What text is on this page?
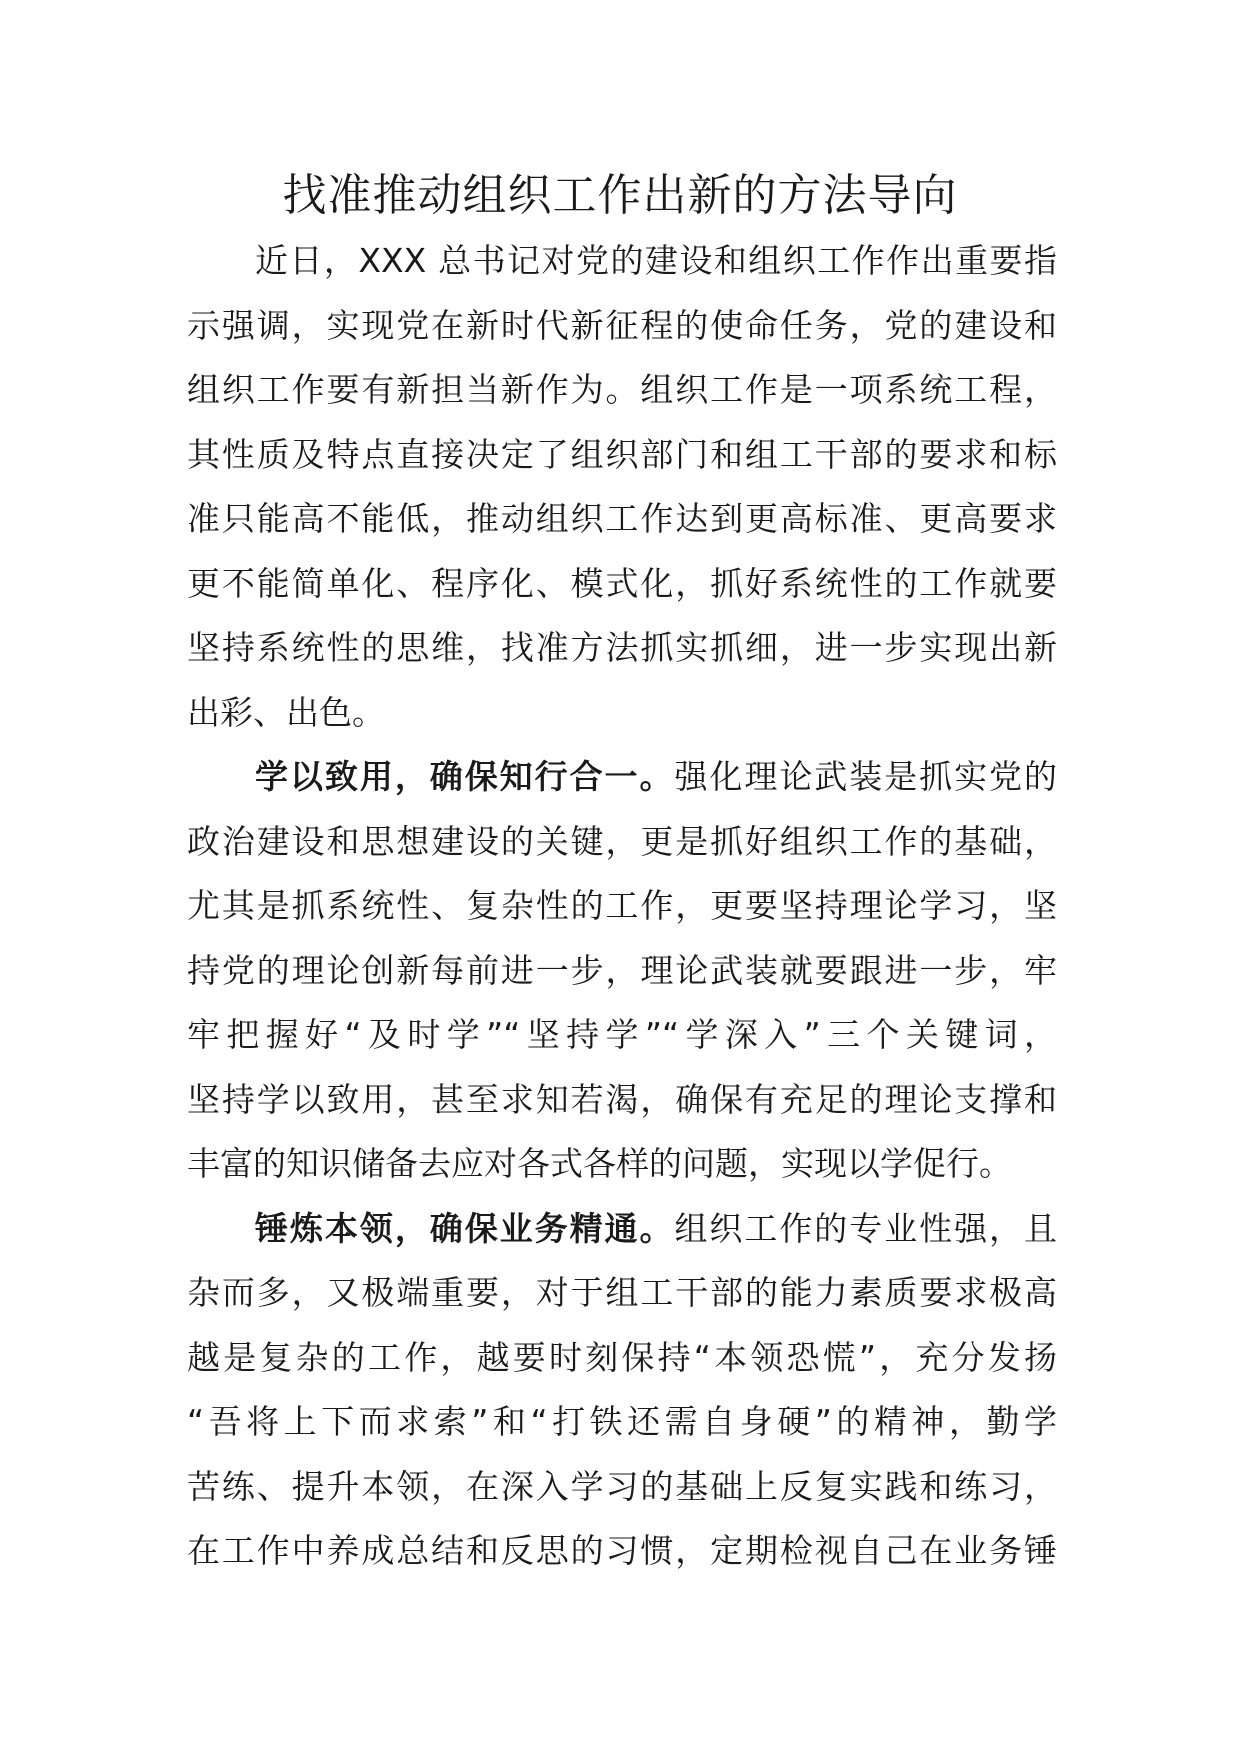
找准推动组织工作出新的方法导向
近日，XXX 总书记对党的建设和组织工作作出重要指
示强调，实现党在新时代新征程的使命任务，党的建设和
组织工作要有新担当新作为。组织工作是一项系统工程，
其性质及特点直接决定了组织部门和组工干部的要求和标
准只能高不能低，推动组织工作达到更高标准、更高要求
更不能简单化、程序化、模式化，抓好系统性的工作就要
坚持系统性的思维，找准方法抓实抓细，进一步实现出新
出彩、出色。
学以致用，确保知行合一。强化理论武装是抓实党的
政治建设和思想建设的关键，更是抓好组织工作的基础，
尤其是抓系统性、复杂性的工作，更要坚持理论学习，坚
持党的理论创新每前进一步，理论武装就要跟进一步，牢
牢把握好“及时学”“坚持学”“学深入”三个关键词，
坚持学以致用，甚至求知若渴，确保有充足的理论支撑和
丰富的知识储备去应对各式各样的问题，实现以学促行。
锤炼本领，确保业务精通。组织工作的专业性强，且
杂而多，又极端重要，对于组工干部的能力素质要求极高
越是复杂的工作，越要时刻保持“本领恐慌”，充分发扬
“吾将上下而求索”和“打铁还需自身硬”的精神，勤学
苦练、提升本领，在深入学习的基础上反复实践和练习，
在工作中养成总结和反思的习惯，定期检视自己在业务锤
